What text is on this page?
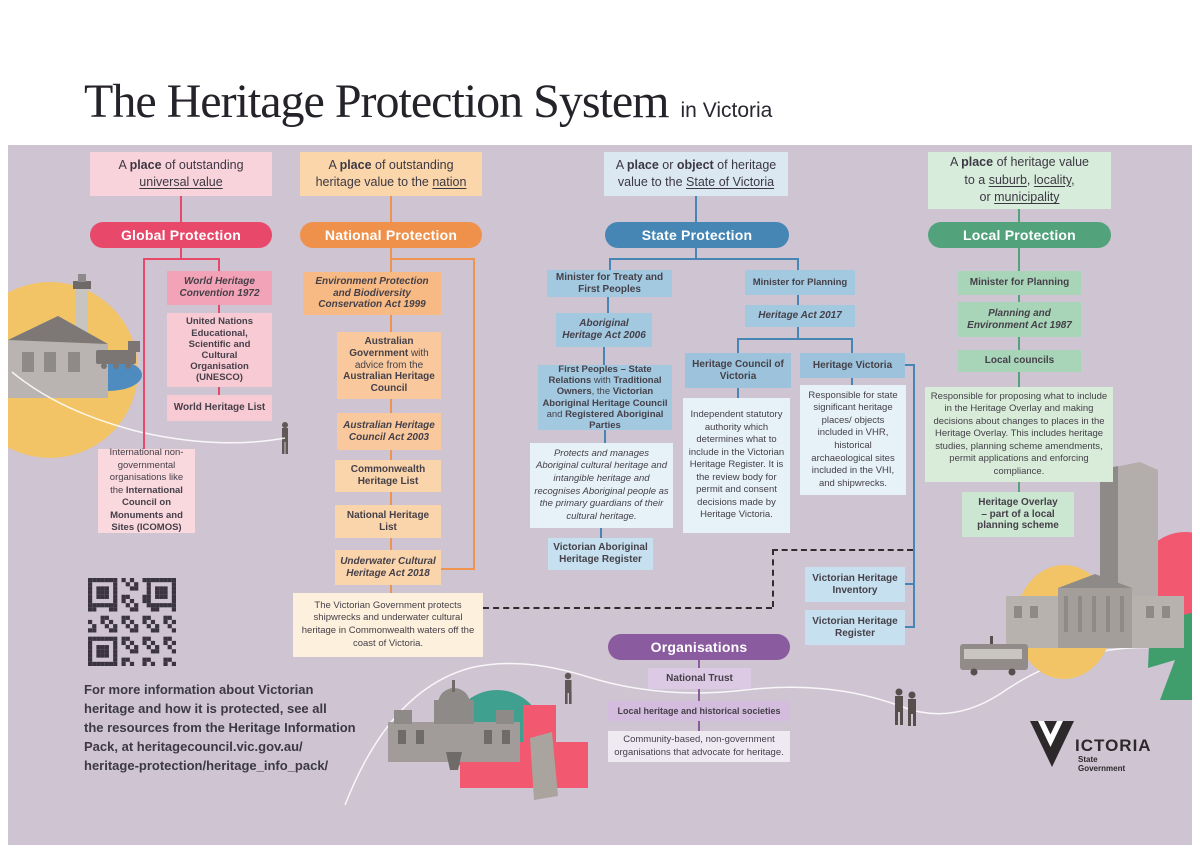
The Heritage Protection System in Victoria
A place of outstanding
universal value
Global Protection
World Heritage Convention 1972
United Nations Educational, Scientific and Cultural Organisation (UNESCO)
World Heritage List
International non-governmental organisations like the International Council on Monuments and Sites (ICOMOS)
A place of outstanding
heritage value to the nation
National Protection
Environment Protection and Biodiversity Conservation Act 1999
Australian Government with advice from the Australian Heritage Council
Australian Heritage Council Act 2003
Commonwealth Heritage List
National Heritage List
Underwater Cultural Heritage Act 2018
The Victorian Government protects shipwrecks and underwater cultural heritage in Commonwealth waters off the coast of Victoria.
A place or object of heritage
value to the State of Victoria
State Protection
Minister for Treaty and First Peoples
Aboriginal Heritage Act 2006
First Peoples – State Relations with Traditional Owners, the Victorian Aboriginal Heritage Council and Registered Aboriginal Parties
Protects and manages Aboriginal cultural heritage and intangible heritage and recognises Aboriginal people as the primary guardians of their cultural heritage.
Victorian Aboriginal Heritage Register
Minister for Planning
Heritage Act 2017
Heritage Council of Victoria
Independent statutory authority which determines what to include in the Victorian Heritage Register. It is the review body for permit and consent decisions made by Heritage Victoria.
Heritage Victoria
Responsible for state significant heritage places/ objects included in VHR, historical archaeological sites included in the VHI, and shipwrecks.
Victorian Heritage Inventory
Victorian Heritage Register
A place of heritage value
to a suburb, locality,
or municipality
Local Protection
Minister for Planning
Planning and Environment Act 1987
Local councils
Responsible for proposing what to include in the Heritage Overlay and making decisions about changes to places in the Heritage Overlay. This includes heritage studies, planning scheme amendments, permit applications and enforcing compliance.
Heritage Overlay
– part of a local
planning scheme
Organisations
National Trust
Local heritage and historical societies
Community-based, non-government organisations that advocate for heritage.
For more information about Victorian
heritage and how it is protected, see all
the resources from the Heritage Information
Pack, at heritagecouncil.vic.gov.au/
heritage-protection/heritage_info_pack/
ICTORIA
State
Government
